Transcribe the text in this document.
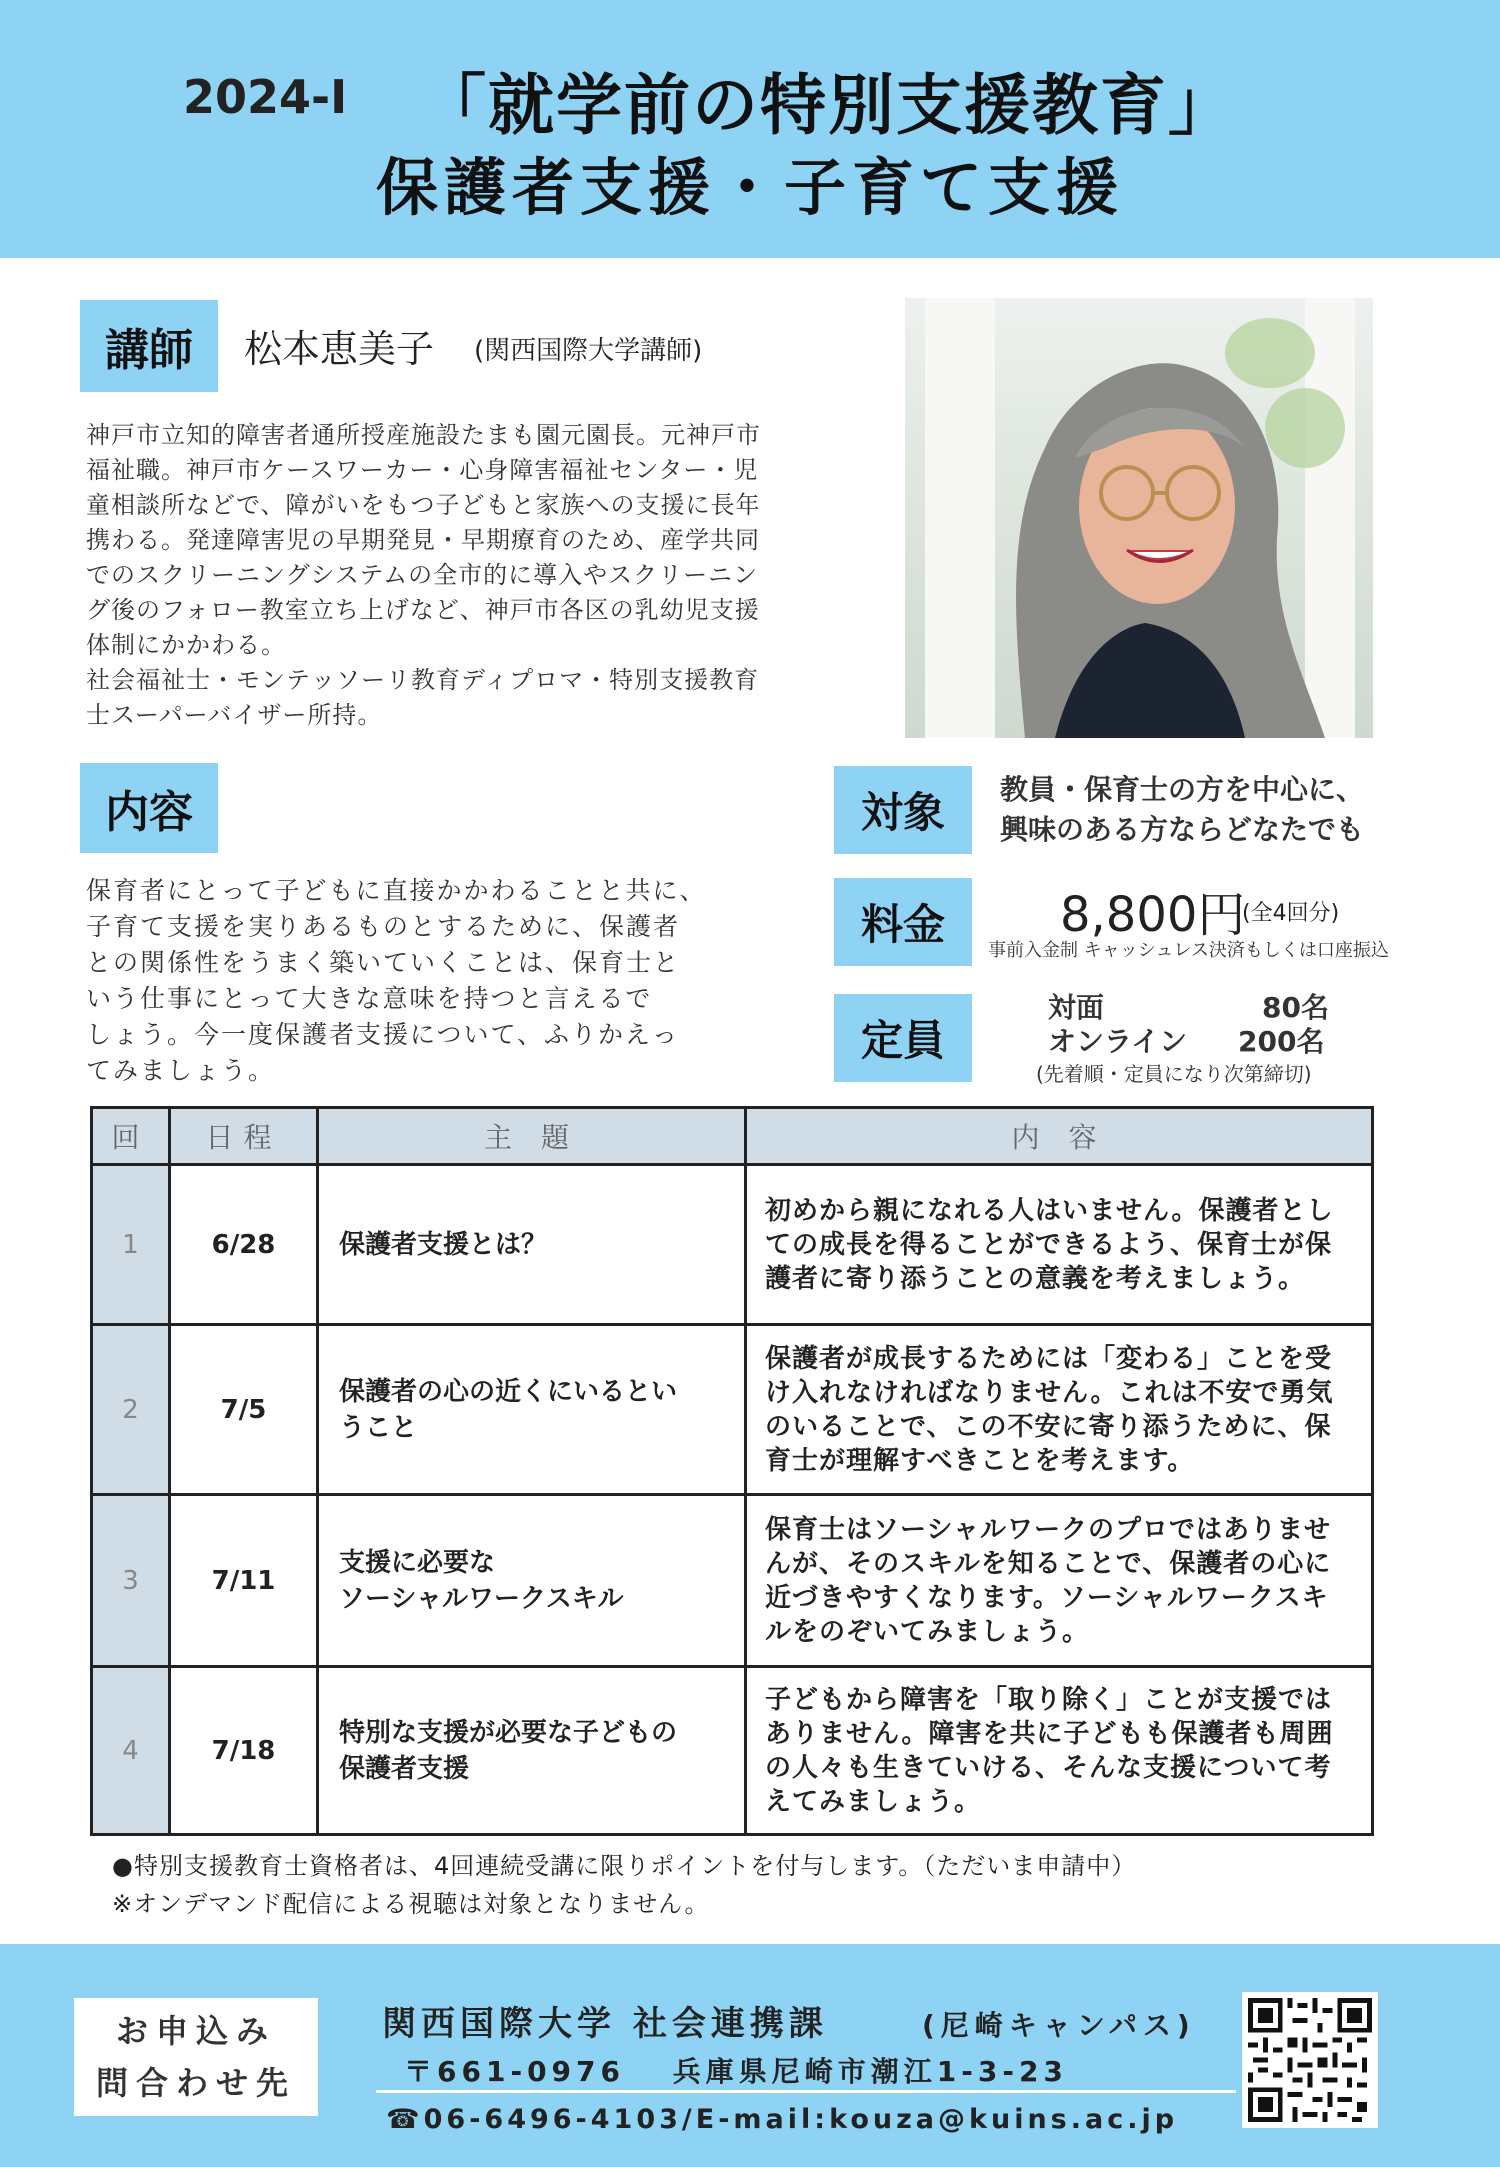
2024-Ⅰ 「就学前の特別支援教育」
保護者支援・子育て支援
講師	松本恵美子 (関西国際大学講師)

神戸市立知的障害者通所授産施設たまも園元園長。元神戸市
福祉職。神戸市ケースワーカー・心身障害福祉センター・児
童相談所などで、障がいをもつ子どもと家族への支援に長年
携わる。発達障害児の早期発見・早期療育のため、産学共同
でのスクリーニングシステムの全市的に導入やスクリーニン
グ後のフォロー教室立ち上げなど、神戸市各区の乳幼児支援
体制にかかわる。

社会福祉士・モンテッソーリ教育ディプロマ・特別支援教育
士スーパーバイザー所持。

内容
保育者にとって子どもに直接かかわることと共に、
子育て支援を実りあるものとするために、保護者
との関係性をうまく築いていくことは、保育士と
いう仕事にとって大きな意味を持つと言えるで
しょう。今一度保護者支援について、ふりかえっ
てみましょう。
対象	教員・保育士の方を中心に、
興味のある方ならどなたでも
料金	8,800円
(全4回分)
事前入金制 キャッシュレス決済もしくは口座振込
定員
対面	80名
オンライン 200名
(先着順・定員になり次第締切)
回	日程	主 題	内 容
1	6/28	保護者支援とは？	初めから親になれる人はいません。保護者としての成長を得ることができるよう、保育士が保護者に寄り添うことの意義を考えましょう。
2	7/5	保護者の心の近くにいるとい
うこと	保護者が成長するためには「変わる」ことを受け入れなければなりません。これは不安で勇気のいることで、この不安に寄り添うために、保育士が理解すべきことを考えます。
3	7/11	支援に必要な
ソーシャルワークスキル	保育士はソーシャルワークのプロではありませんが、そのスキルを知ることで、保護者の心に近づきやすくなります。ソーシャルワークスキルをのぞいてみましょう。
4	7/18	特別な支援が必要な子どもの
保護者支援	子どもから障害を「取り除く」ことが支援ではありません。障害を共に子どもも保護者も周囲の人々も生きていける、そんな支援について考えてみましょう。
●特別支援教育士資格者は、4回連続受講に限りポイントを付与します。（ただいま申請中）
※オンデマンド配信による視聴は対象となりません。
お申込み
問合わせ先
関西国際大学 社会連携課	(尼崎キャンパス)
〒661-0976　 兵庫県尼崎市潮江1-3-23
☎06-6496-4103/E-mail:kouza@kuins.ac.jp
